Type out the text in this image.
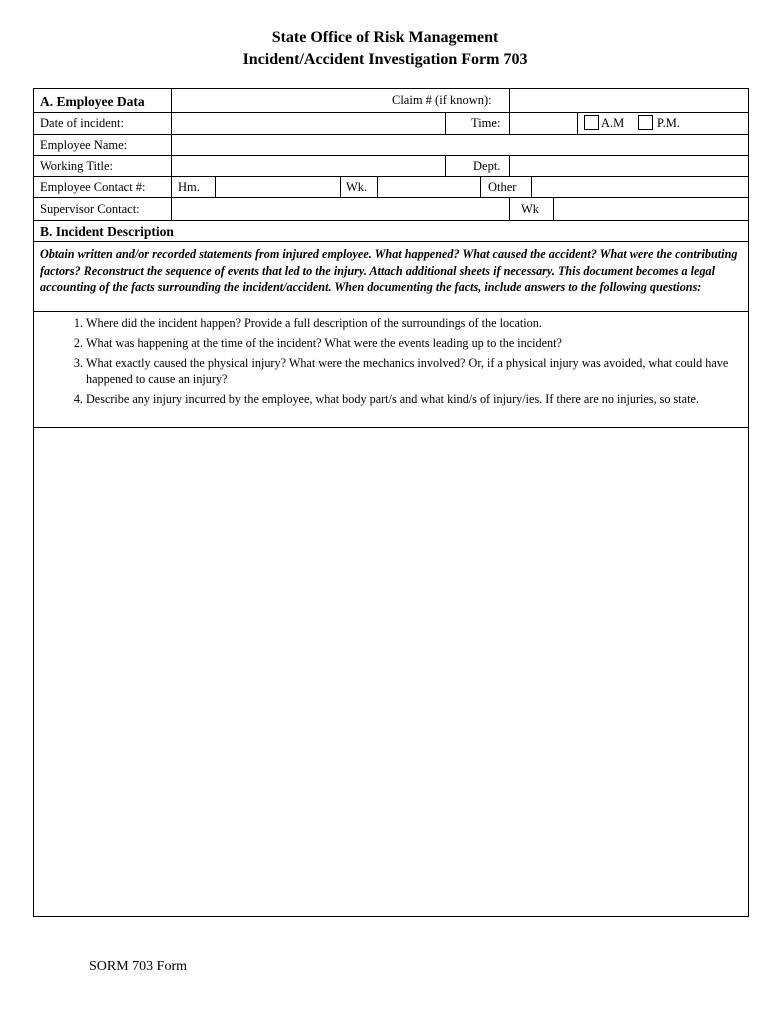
State Office of Risk Management
Incident/Accident Investigation Form 703
A. Employee Data	Claim # (if known):
Date of incident:	Time:	A.M	P.M.
Employee Name:
Working Title:	Dept.
Employee Contact #:	Hm.	Wk.	Other
Supervisor Contact:	Wk
B. Incident Description
Obtain written and/or recorded statements from injured employee. What happened? What caused the accident? What were the contributing factors? Reconstruct the sequence of events that led to the injury. Attach additional sheets if necessary. This document becomes a legal accounting of the facts surrounding the incident/accident. When documenting the facts, include answers to the following questions:
1. Where did the incident happen? Provide a full description of the surroundings of the location.
2. What was happening at the time of the incident? What were the events leading up to the incident?
3. What exactly caused the physical injury? What were the mechanics involved? Or, if a physical injury was avoided, what could have happened to cause an injury?
4. Describe any injury incurred by the employee, what body part/s and what kind/s of injury/ies. If there are no injuries, so state.
SORM 703 Form
